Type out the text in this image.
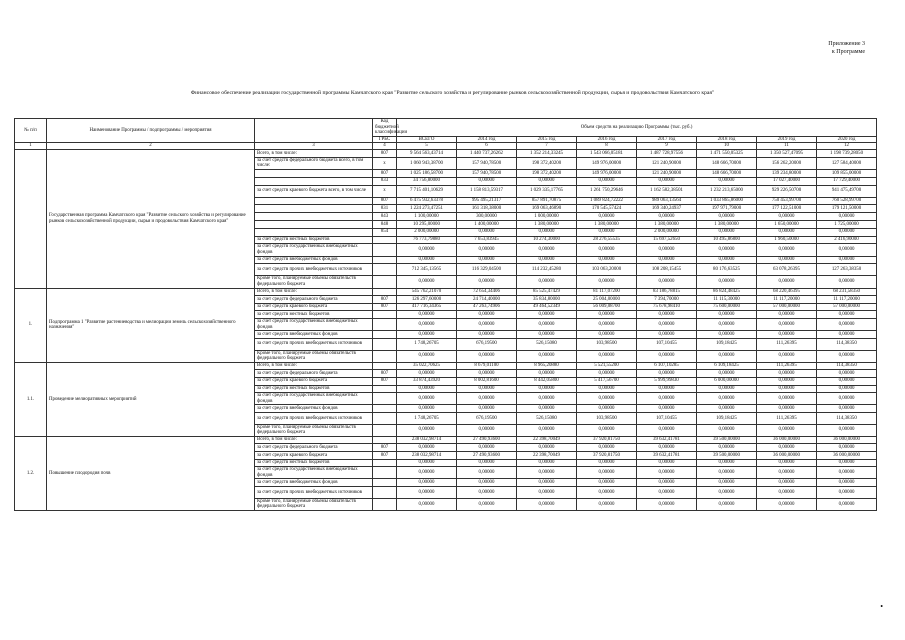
Приложение 3
к Программе
Финансовое обеспечение реализации государственной программы Камчатского края "Развитие сельского хозяйства и регулирование рынков сельскохозяйственной продукции, сырья и продовольствия Камчатского края"
№ п/п	Наименование Программы / подпрограммы / мероприятия		Код бюджетной классификации	Объем средств на реализацию Программы (тыс. руб.)							
			ГРБС	ВСЕГО	2014 год	2015 год	2016 год	2017 год	2018 год	2019 год	2020 год
1	2	3	4	5	6	7	8	9	10	11	12
	Государственная программа Камчатского края "Развитие сельского хозяйства и регулирование рынков сельскохозяйственной продукции, сырья и продовольствия Камчатского края"	Всего, в том числе:	807	9 564 563,43714	1 440 737,26262	1 352 214,33245	1 543 066,05181	1 487 728,97556	1 471 550,05325	1 350 527,47095	1 198 739,28050
		за счет средств федерального бюджета всего, в том числе:	х	1 060 943,38700	157 940,78500	198 372,40200	149 976,00000	121 240,90000	148 666,70000	156 262,20000	127 584,40000
			807	1 025 186,58700	157 940,78500	198 372,40200	149 976,00000	121 240,90000	148 666,70000	139 234,80000	109 855,00000
			833	34 756,80000	0,00000	0,00000	0,00000	0,00000	0,00000	17 027,40000	17 729,40000
		за счет средств краевого бюджета всего, в том числе	х	7 715 401,10629	1 158 813,59317	1 029 335,17765	1 261 750,29646	1 162 582,38501	1 232 213,65000	929 226,50700	941 475,49700
			807	6 475 932,63378	995 495,21317	857 891,70875	1 089 824,72222	989 063,13564	1 033 865,86000	750 453,99700	760 528,99700
			831	1 224 273,47251	161 318,38000	169 063,46890	170 545,57424	169 340,24937	197 971,79000	177 122,51000	179 121,50000
			843	1 100,00000	300,00000	1 000,00000	0,00000	0,00000	0,00000	0,00000	0,00000
			848	10 295,00000	1 400,00000	1 380,00000	1 380,00000	1 380,00000	1 380,00000	1 650,00000	1 725,00000
			854	2 000,00000	0,00000	0,00000	0,00000	2 000,00000	0,00000	0,00000	0,00000
		за счет средств местных бюджетов		76 773,79880	7 653,83945	10 274,30000	28 276,55535	15 697,52650	10 495,86800	1 960,50000	2 416,90000
		за счет средств государственных внебюджетных фондов		0,00000	0,00000	0,00000	0,00000	0,00000	0,00000	0,00000	0,00000
		за счет средств внебюджетных фондов		0,00000	0,00000	0,00000	0,00000	0,00000	0,00000	0,00000	0,00000
		за счет средств прочих внебюджетных источников		712 345,13565	116 329,04500	114 232,45280	103 063,20000	108 208,15455	80 176,63525	63 078,26395	127 263,38350
		Кроме того, планируемые объемы обязательств федерального бюджета		0,00000	0,00000	0,00000	0,00000	0,00000	0,00000	0,00000	0,00000
1.	Подпрограмма 1 "Развитие растениеводства и мелиорации земель сельскохозяйственного назначения"	Всего, в том числе:		545 762,21070	72 654,34406	85 525,47429	81 117,07200	83 186,78815	86 824,48425	68 220,46395	68 231,58350
		за счет средств федерального бюджета	807	126 297,60000	24 714,40000	35 834,80000	25 004,00000	7 394,70000	11 115,30000	11 117,20000	11 117,20000
		за счет средств краевого бюджета	807	417 716,34365	47 263,74906	49 464,52349	56 009,08700	75 678,98410	75 600,00000	57 000,00000	57 000,00000
		за счет средств местных бюджетов		0,00000	0,00000	0,00000	0,00000	0,00000	0,00000	0,00000	0,00000
		за счет средств государственных внебюджетных фондов		0,00000	0,00000	0,00000	0,00000	0,00000	0,00000	0,00000	0,00000
		за счет средств внебюджетных фондов		0,00000	0,00000	0,00000	0,00000	0,00000	0,00000	0,00000	0,00000
		за счет средств прочих внебюджетных источников		1 748,26705	676,19500	526,15080	103,98500	107,10455	109,18425	111,26395	114,38350
		Кроме того, планируемые объемы обязательств федерального бюджета		0,00000	0,00000	0,00000	0,00000	0,00000	0,00000	0,00000	0,00000
1.1.	Проведение мелиоративных мероприятий	Всего, в том числе:		35 022,70625	8 679,01100	8 965,20880	5 521,55200	6 107,10285	6 109,18425	111,26395	114,38350
		за счет средств федерального бюджета	807	0,00000	0,00000	0,00000	0,00000	0,00000	0,00000	0,00000	0,00000
		за счет средств краевого бюджета	807	33 874,43920	8 002,81600	8 442,05800	5 417,56700	5 999,99830	6 000,00000	0,00000	0,00000
		за счет средств местных бюджетов		0,00000	0,00000	0,00000	0,00000	0,00000	0,00000	0,00000	0,00000
		за счет средств государственных внебюджетных фондов		0,00000	0,00000	0,00000	0,00000	0,00000	0,00000	0,00000	0,00000
		за счет средств внебюджетных фондов		0,00000	0,00000	0,00000	0,00000	0,00000	0,00000	0,00000	0,00000
		за счет средств прочих внебюджетных источников		1 748,26705	676,19500	526,15080	103,98500	107,10455	109,18425	111,26395	114,38350
		Кроме того, планируемые объемы обязательств федерального бюджета		0,00000	0,00000	0,00000	0,00000	0,00000	0,00000	0,00000	0,00000
1.2.	Повышение плодородия почв	Всего, в том числе:		238 032,98714	27 490,93600	22 398,70049	37 920,81750	39 632,41781	39 500,00000	36 000,00000	36 000,00000
		за счет средств федерального бюджета	807	0,00000	0,00000	0,00000	0,00000	0,00000	0,00000	0,00000	0,00000
		за счет средств краевого бюджета	807	238 032,98714	27 490,93600	22 398,70049	37 920,81750	39 632,41781	39 500,00000	36 000,00000	36 000,00000
		за счет средств местных бюджетов		0,00000	0,00000	0,00000	0,00000	0,00000	0,00000	0,00000	0,00000
		за счет средств государственных внебюджетных фондов		0,00000	0,00000	0,00000	0,00000	0,00000	0,00000	0,00000	0,00000
		за счет средств внебюджетных фондов		0,00000	0,00000	0,00000	0,00000	0,00000	0,00000	0,00000	0,00000
		за счет средств прочих внебюджетных источников		0,00000	0,00000	0,00000	0,00000	0,00000	0,00000	0,00000	0,00000
		Кроме того, планируемые объемы обязательств федерального бюджета		0,00000	0,00000	0,00000	0,00000	0,00000	0,00000	0,00000	0,00000
•
